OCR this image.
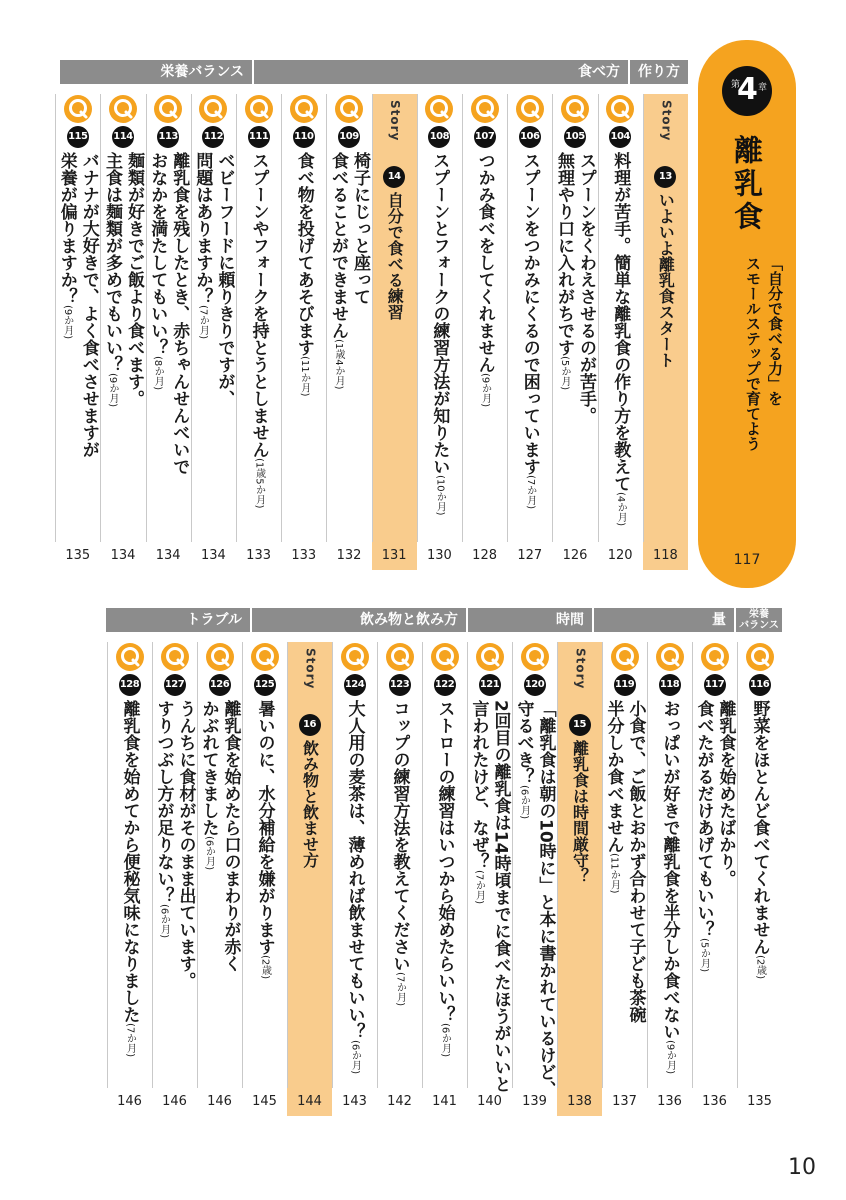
作り方
食べ方
栄養バランス
Story
13
いよいよ離乳食スタート
118
104
料理が苦手。簡単な離乳食の作り方を教えて(4か月)
120
105
スプーンをくわえさせるのが苦手。
無理やり口に入れがちです(5か月)
126
106
スプーンをつかみにくるので困っています(7か月)
127
107
つかみ食べをしてくれません(9か月)
128
108
スプーンとフォークの練習方法が知りたい(10か月)
130
Story
14
自分で食べる練習
131
109
椅子にじっと座って
食べることができません(1歳4か月)
132
110
食べ物を投げてあそびます(11か月)
133
111
スプーンやフォークを持とうとしません(1歳5か月)
133
112
ベビーフードに頼りきりですが、
問題はありますか？(7か月)
134
113
離乳食を残したとき、赤ちゃんせんべいで
おなかを満たしてもいい？(8か月)
134
114
麺類が好きでご飯より食べます。
主食は麺類が多めでもいい？(9か月)
134
115
バナナが大好きで、よく食べさせますが
栄養が偏りますか？(9か月)
135
第
4
章
離乳食
「自分で食べる力」を
スモールステップで育てよう
117
栄養
バランス
量
時間
飲み物と飲み方
トラブル
116
野菜をほとんど食べてくれません(2歳)
135
117
離乳食を始めたばかり。
食べたがるだけあげてもいい？(5か月)
136
118
おっぱいが好きで離乳食を半分しか食べない(9か月)
136
119
小食で、ご飯とおかず合わせて子ども茶碗
半分しか食べません(11か月)
137
Story
15
離乳食は時間厳守？
138
120
「離乳食は朝の10時に」と本に書かれているけど、
守るべき？(6か月)
139
121
2回目の離乳食は14時頃までに食べたほうがいいと
言われたけど、なぜ？(7か月)
140
122
ストローの練習はいつから始めたらいい？(6か月)
141
123
コップの練習方法を教えてください(7か月)
142
124
大人用の麦茶は、薄めれば飲ませてもいい？(6か月)
143
Story
16
飲み物と飲ませ方
144
125
暑いのに、水分補給を嫌がります(2歳)
145
126
離乳食を始めたら口のまわりが赤く
かぶれてきました(6か月)
146
127
うんちに食材がそのまま出ています。
すりつぶし方が足りない？(6か月)
146
128
離乳食を始めてから便秘気味になりました(7か月)
146
10
